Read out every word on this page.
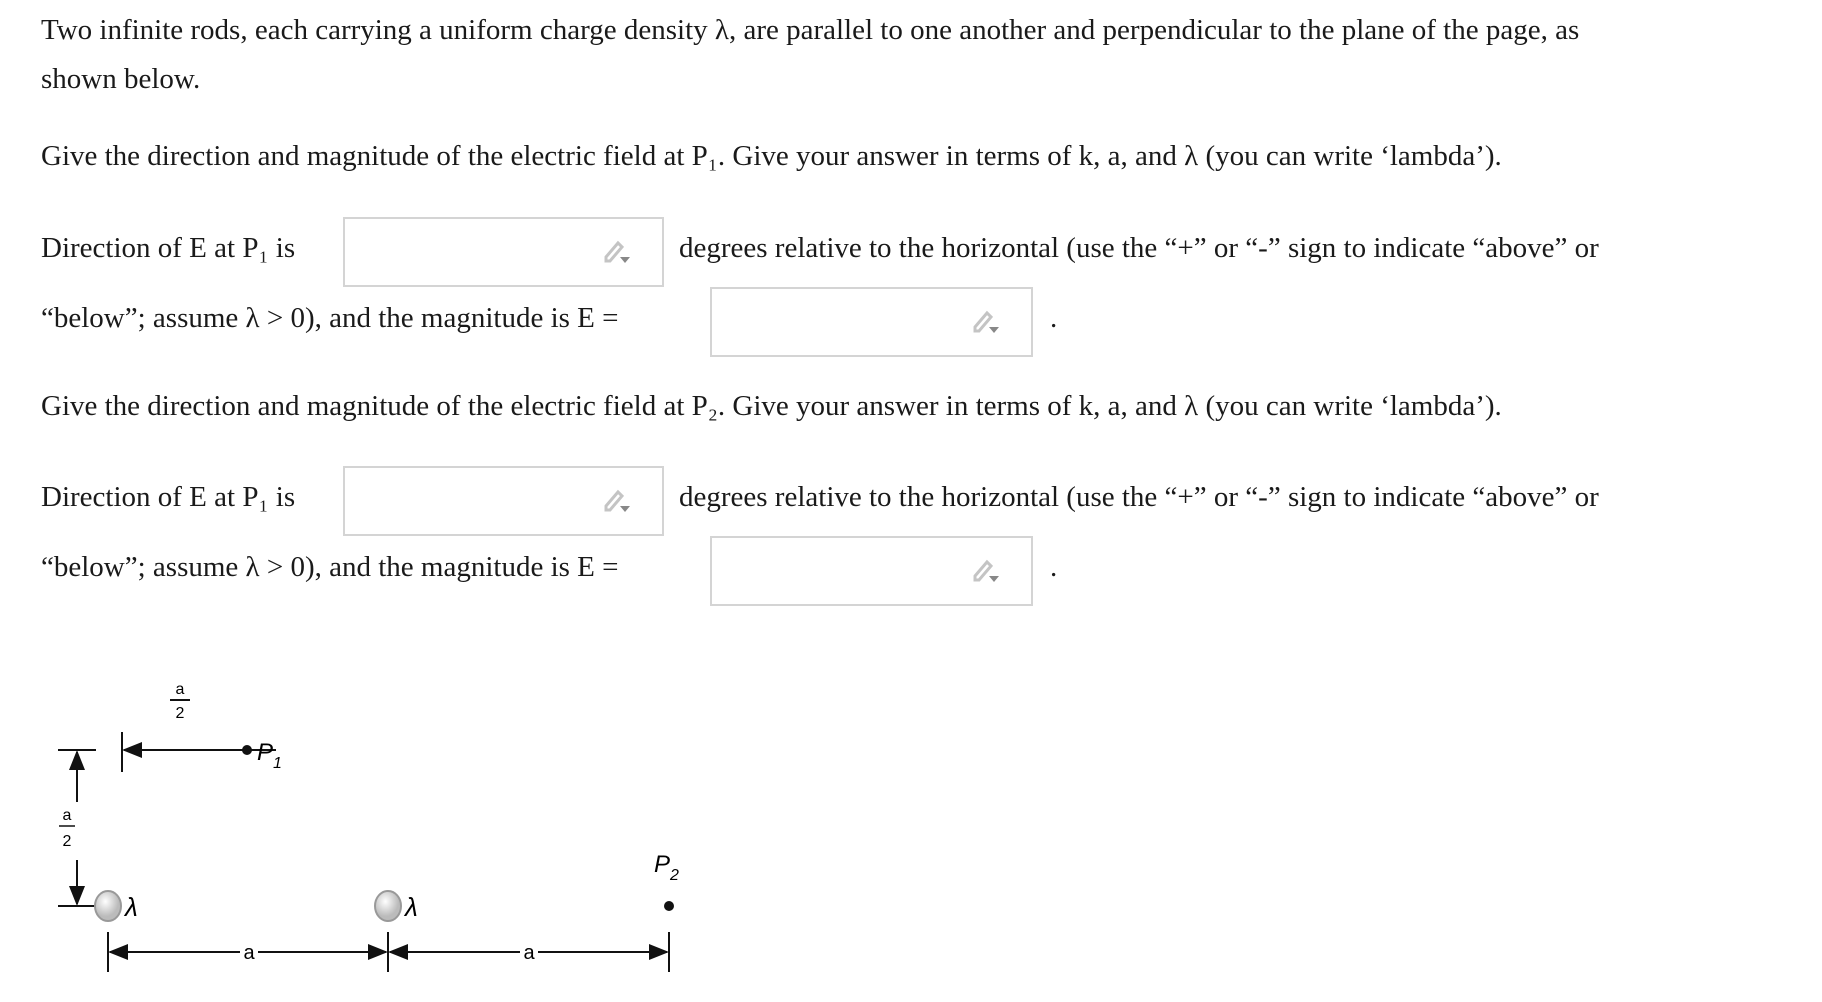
Two infinite rods, each carrying a uniform charge density λ, are parallel to one another and perpendicular to the plane of the page, as
shown below.
Give the direction and magnitude of the electric field at P₁. Give your answer in terms of k, a, and λ (you can write ‘lambda’).
Direction of E at P₁ is	degrees relative to the horizontal (use the “+” or “-” sign to indicate “above” or
“below”; assume λ > 0), and the magnitude is E =	.
Give the direction and magnitude of the electric field at P₂. Give your answer in terms of k, a, and λ (you can write ‘lambda’).
Direction of E at P₁ is	degrees relative to the horizontal (use the “+” or “-” sign to indicate “above” or
“below”; assume λ > 0), and the magnitude is E =	.
a
2
a
2
$P_1$
$P_2$
λ	λ
a	a
